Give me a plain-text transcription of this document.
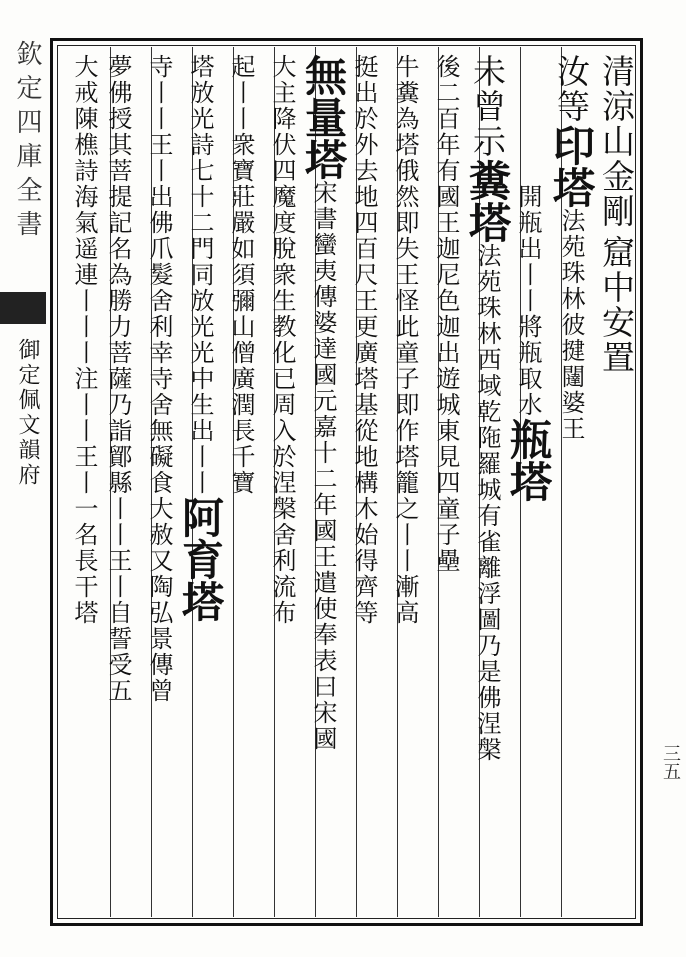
欽定四庫全書
御定佩文韻府
清涼山金剛
窟中安置
汝等
印塔
法苑珠林彼揵闥婆王
開瓶出丨丨將瓶取水
瓶塔
未曾示
糞塔
法苑珠林西域乾陁羅城有雀離浮圖乃是佛涅槃
後二百年有國王迦尼色迦出遊城東見四童子壘
牛糞為塔俄然即失王怪此童子即作塔籠之丨丨漸高
挺出於外去地四百尺王更廣塔基從地構木始得齊等
無量塔
宋書蠻夷傳婆達國元嘉十二年國王遣使奉表曰宋國
大主降伏四魔度脫衆生教化已周入於涅槃舍利流布
起丨丨衆寶莊嚴如須彌山僧廣潤長千寶
塔放光詩七十二門同放光光中生出丨丨
阿育塔
寺丨丨王丨出佛爪髮舍利幸寺舍無礙食大赦又陶弘景傳曾
夢佛授其菩提記名為勝力菩薩乃詣鄮縣丨丨王丨自誓受五
大戒陳樵詩海氣遥連丨丨丨注丨丨王丨一名長干塔
三五
